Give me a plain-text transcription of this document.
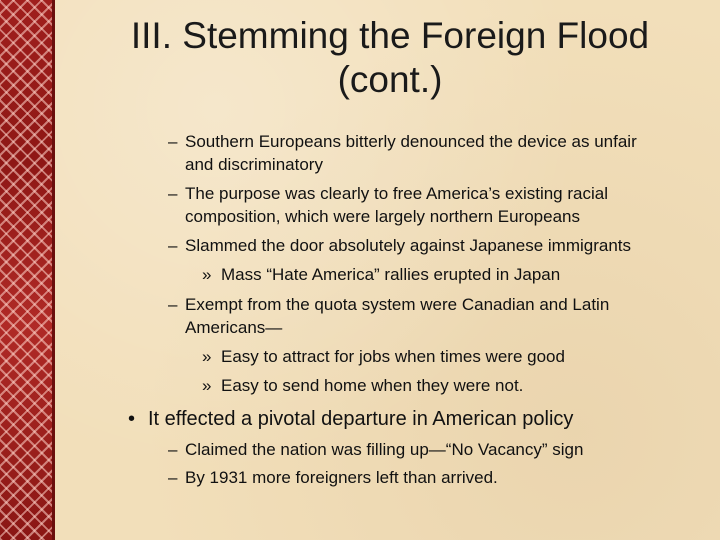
III. Stemming the Foreign Flood
(cont.)
– Southern Europeans bitterly denounced the device as unfair
and discriminatory
– The purpose was clearly to free America’s existing racial
composition, which were largely northern Europeans
– Slammed the door absolutely against Japanese immigrants
» Mass “Hate America” rallies erupted in Japan
– Exempt from the quota system were Canadian and Latin
Americans—
» Easy to attract for jobs when times were good
» Easy to send home when they were not.
• It effected a pivotal departure in American policy
– Claimed the nation was filling up—“No Vacancy” sign
– By 1931 more foreigners left than arrived.
